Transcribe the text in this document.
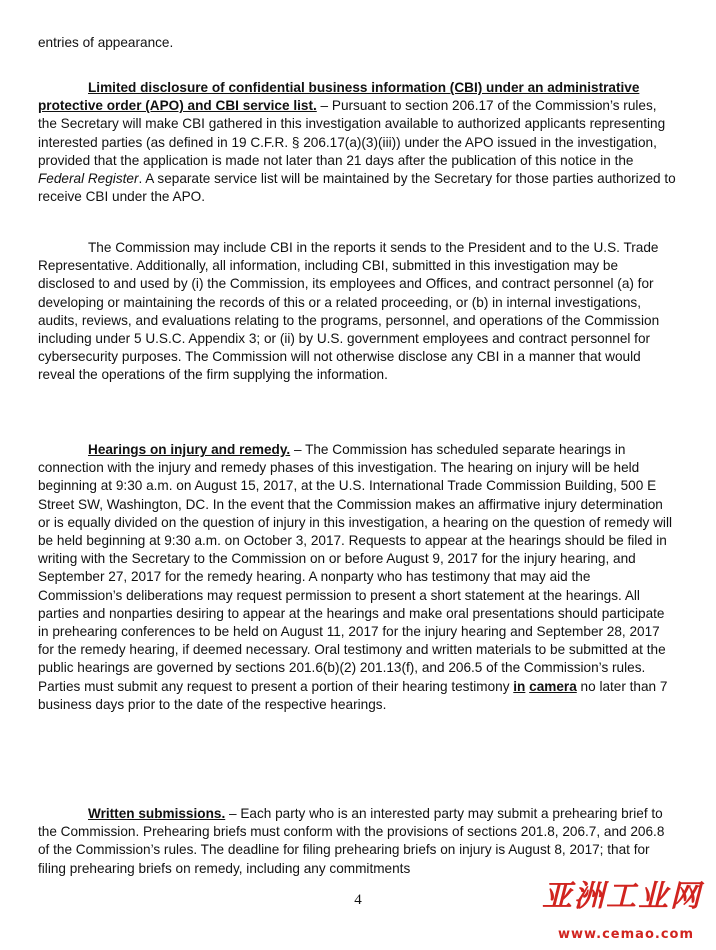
entries of appearance.

Limited disclosure of confidential business information (CBI) under an administrative protective order (APO) and CBI service list. – Pursuant to section 206.17 of the Commission’s rules, the Secretary will make CBI gathered in this investigation available to authorized applicants representing interested parties (as defined in 19 C.F.R. § 206.17(a)(3)(iii)) under the APO issued in the investigation, provided that the application is made not later than 21 days after the publication of this notice in the Federal Register. A separate service list will be maintained by the Secretary for those parties authorized to receive CBI under the APO.

The Commission may include CBI in the reports it sends to the President and to the U.S. Trade Representative. Additionally, all information, including CBI, submitted in this investigation may be disclosed to and used by (i) the Commission, its employees and Offices, and contract personnel (a) for developing or maintaining the records of this or a related proceeding, or (b) in internal investigations, audits, reviews, and evaluations relating to the programs, personnel, and operations of the Commission including under 5 U.S.C. Appendix 3; or (ii) by U.S. government employees and contract personnel for cybersecurity purposes. The Commission will not otherwise disclose any CBI in a manner that would reveal the operations of the firm supplying the information.

Hearings on injury and remedy. – The Commission has scheduled separate hearings in connection with the injury and remedy phases of this investigation. The hearing on injury will be held beginning at 9:30 a.m. on August 15, 2017, at the U.S. International Trade Commission Building, 500 E Street SW, Washington, DC. In the event that the Commission makes an affirmative injury determination or is equally divided on the question of injury in this investigation, a hearing on the question of remedy will be held beginning at 9:30 a.m. on October 3, 2017. Requests to appear at the hearings should be filed in writing with the Secretary to the Commission on or before August 9, 2017 for the injury hearing, and September 27, 2017 for the remedy hearing. A nonparty who has testimony that may aid the Commission’s deliberations may request permission to present a short statement at the hearings. All parties and nonparties desiring to appear at the hearings and make oral presentations should participate in prehearing conferences to be held on August 11, 2017 for the injury hearing and September 28, 2017 for the remedy hearing, if deemed necessary. Oral testimony and written materials to be submitted at the public hearings are governed by sections 201.6(b)(2) 201.13(f), and 206.5 of the Commission’s rules. Parties must submit any request to present a portion of their hearing testimony in camera no later than 7 business days prior to the date of the respective hearings.

Written submissions. – Each party who is an interested party may submit a prehearing brief to the Commission. Prehearing briefs must conform with the provisions of sections 201.8, 206.7, and 206.8 of the Commission’s rules. The deadline for filing prehearing briefs on injury is August 8, 2017; that for filing prehearing briefs on remedy, including any commitments

4	亚洲工业网
www.cemao.com
